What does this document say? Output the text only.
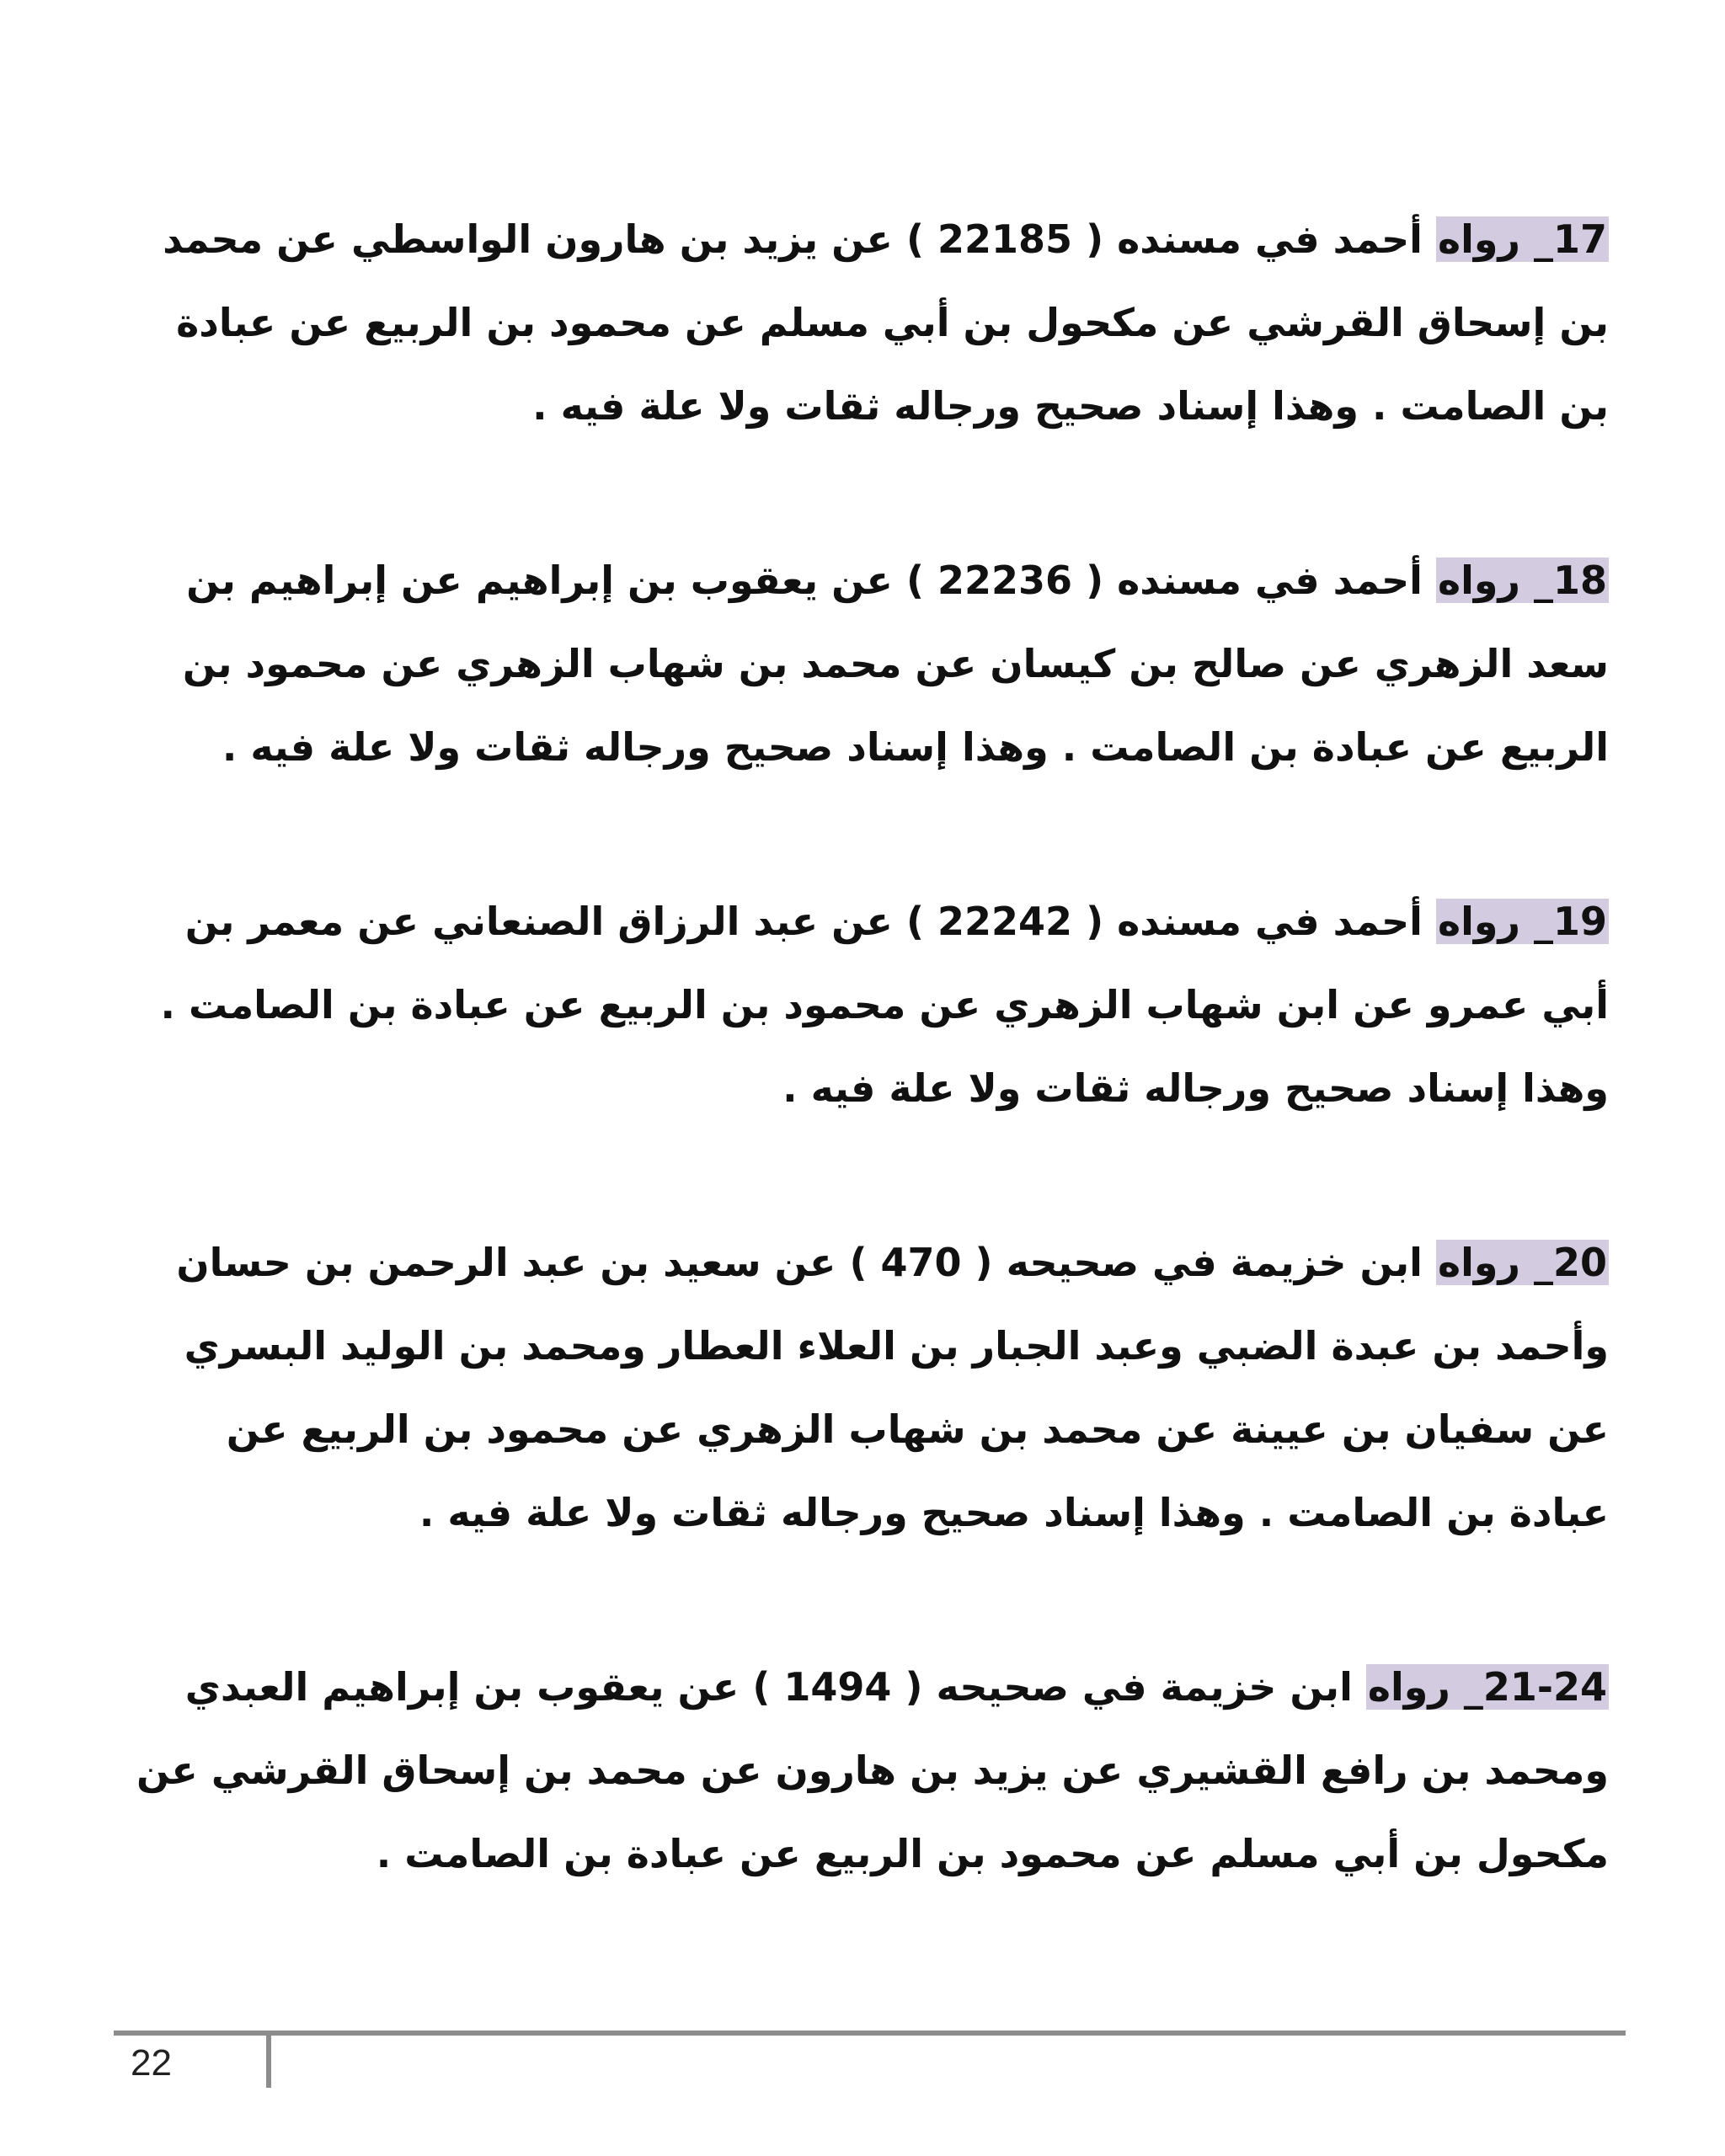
17_ رواه أحمد في مسنده ( 22185 ) عن يزيد بن هارون الواسطي عن محمد بن إسحاق القرشي عن مكحول بن أبي مسلم عن محمود بن الربيع عن عبادة بن الصامت . وهذا إسناد صحيح ورجاله ثقات ولا علة فيه .

18_ رواه أحمد في مسنده ( 22236 ) عن يعقوب بن إبراهيم عن إبراهيم بن سعد الزهري عن صالح بن كيسان عن محمد بن شهاب الزهري عن محمود بن الربيع عن عبادة بن الصامت . وهذا إسناد صحيح ورجاله ثقات ولا علة فيه .

19_ رواه أحمد في مسنده ( 22242 ) عن عبد الرزاق الصنعاني عن معمر بن أبي عمرو عن ابن شهاب الزهري عن محمود بن الربيع عن عبادة بن الصامت . وهذا إسناد صحيح ورجاله ثقات ولا علة فيه .

20_ رواه ابن خزيمة في صحيحه ( 470 ) عن سعيد بن عبد الرحمن بن حسان وأحمد بن عبدة الضبي وعبد الجبار بن العلاء العطار ومحمد بن الوليد البسري عن سفيان بن عيينة عن محمد بن شهاب الزهري عن محمود بن الربيع عن عبادة بن الصامت . وهذا إسناد صحيح ورجاله ثقات ولا علة فيه .

21-24_ رواه ابن خزيمة في صحيحه ( 1494 ) عن يعقوب بن إبراهيم العبدي ومحمد بن رافع القشيري عن يزيد بن هارون عن محمد بن إسحاق القرشي عن مكحول بن أبي مسلم عن محمود بن الربيع عن عبادة بن الصامت .

22
